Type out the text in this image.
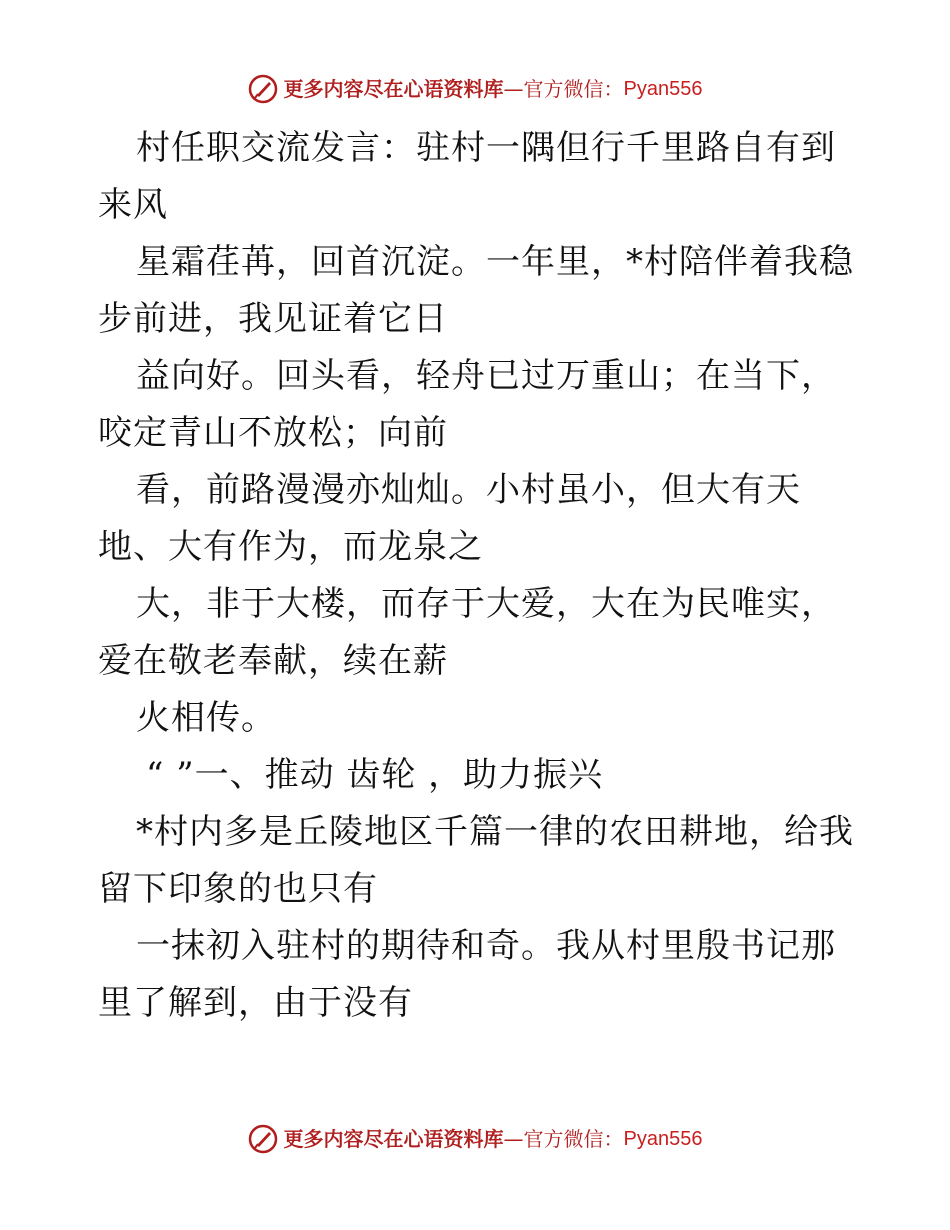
更多内容尽在心语资料库 — 官方微信： Pyan556

村任职交流发言：驻村一隅但行千里路自有到来风

星霜荏苒，回首沉淀。一年里，*村陪伴着我稳步前进，我见证着它日

益向好。回头看，轻舟已过万重山；在当下，咬定青山不放松；向前

看，前路漫漫亦灿灿。小村虽小，但大有天地、大有作为，而龙泉之

大，非于大楼，而存于大爱，大在为民唯实，爱在敬老奉献，续在薪

火相传。

“ ”一、推动 齿轮 ，助力振兴

*村内多是丘陵地区千篇一律的农田耕地，给我留下印象的也只有

一抹初入驻村的期待和奇。我从村里殷书记那里了解到，由于没有

更多内容尽在心语资料库 — 官方微信： Pyan556
